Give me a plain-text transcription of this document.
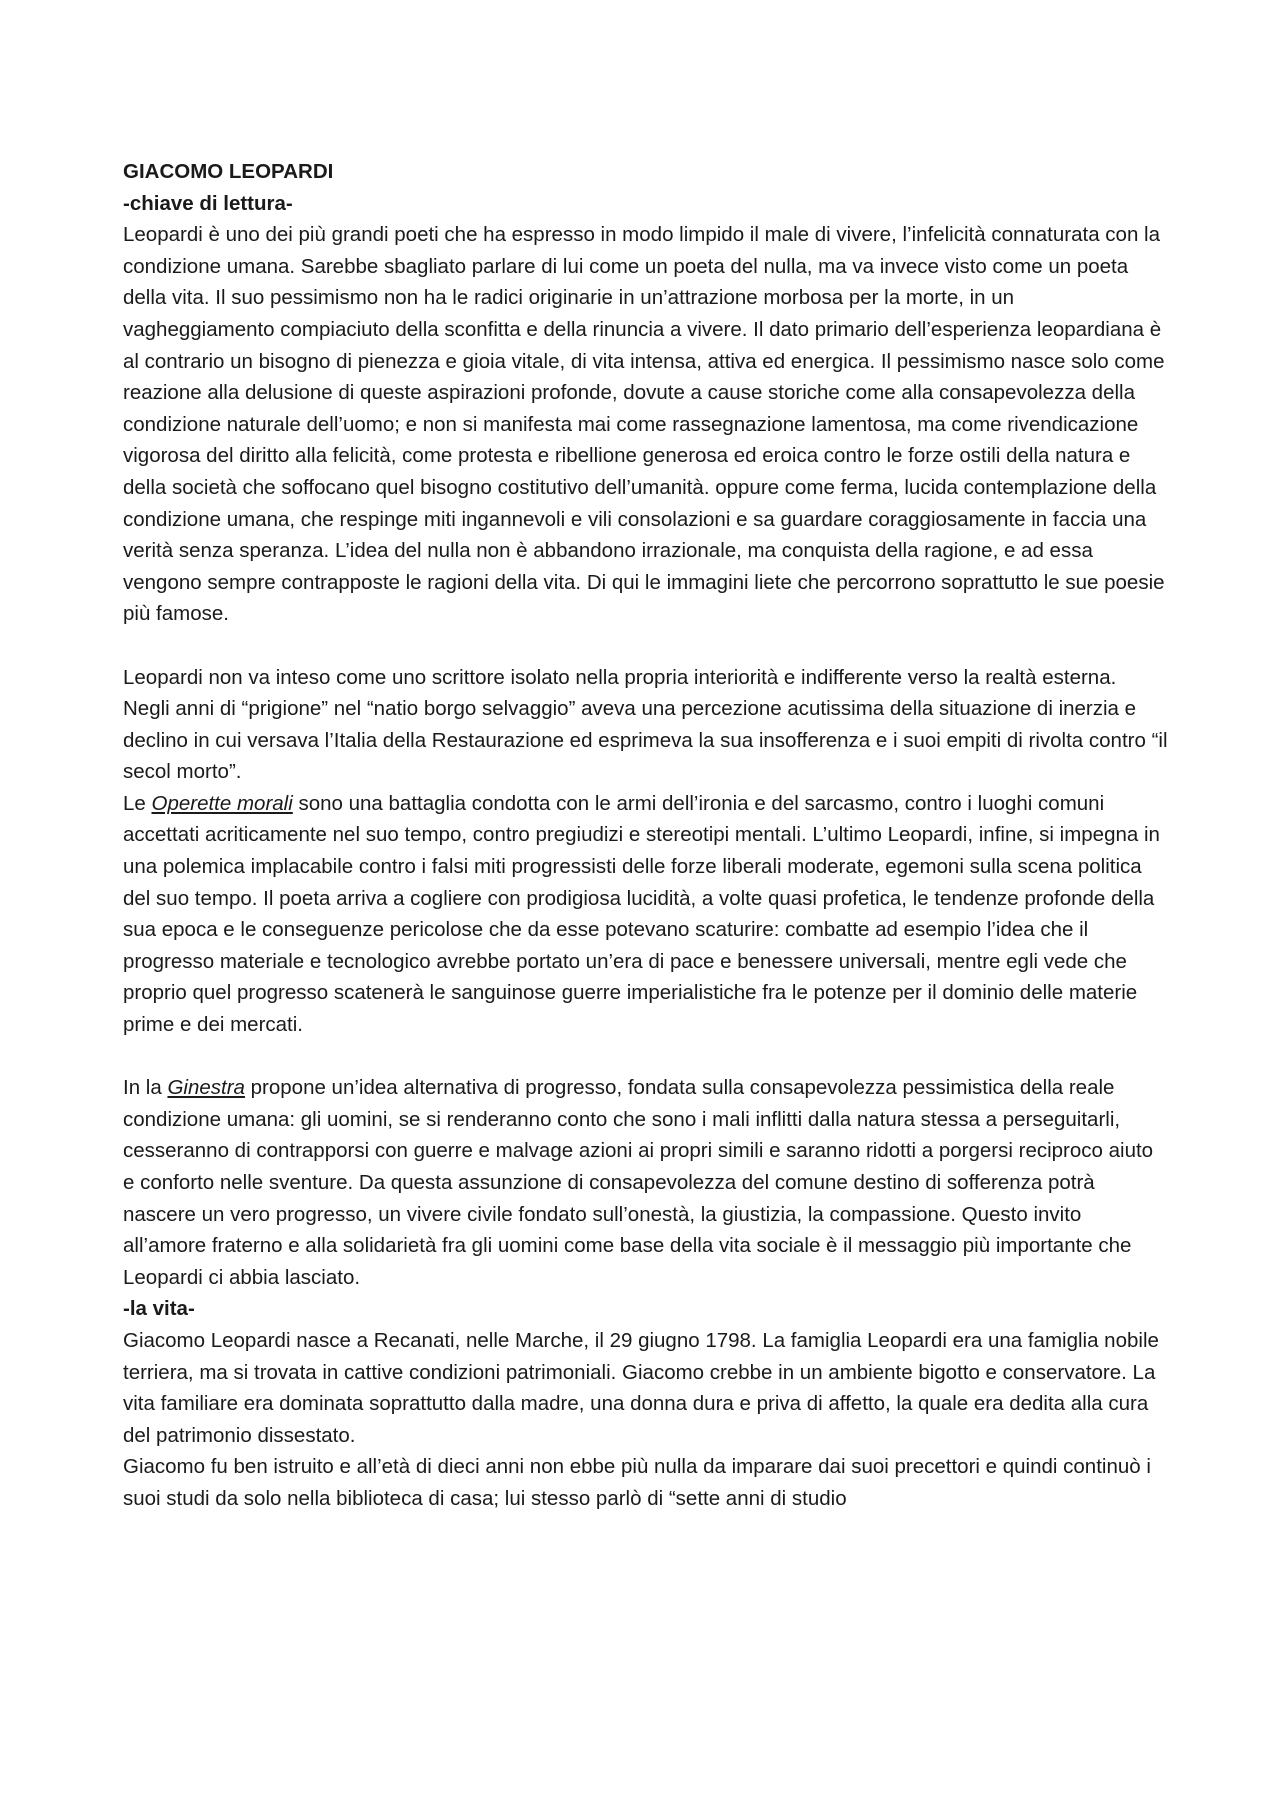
GIACOMO LEOPARDI

-chiave di lettura-

Leopardi è uno dei più grandi poeti che ha espresso in modo limpido il male di vivere, l’infelicità connaturata con la condizione umana. Sarebbe sbagliato parlare di lui come un poeta del nulla, ma va invece visto come un poeta della vita. Il suo pessimismo non ha le radici originarie in un’attrazione morbosa per la morte, in un vagheggiamento compiaciuto della sconfitta e della rinuncia a vivere. Il dato primario dell’esperienza leopardiana è al contrario un bisogno di pienezza e gioia vitale, di vita intensa, attiva ed energica. Il pessimismo nasce solo come reazione alla delusione di queste aspirazioni profonde, dovute a cause storiche come alla consapevolezza della condizione naturale dell’uomo; e non si manifesta mai come rassegnazione lamentosa, ma come rivendicazione vigorosa del diritto alla felicità, come protesta e ribellione generosa ed eroica contro le forze ostili della natura e della società che soffocano quel bisogno costitutivo dell’umanità. oppure come ferma, lucida contemplazione della condizione umana, che respinge miti ingannevoli e vili consolazioni e sa guardare coraggiosamente in faccia una verità senza speranza. L’idea del nulla non è abbandono irrazionale, ma conquista della ragione, e ad essa vengono sempre contrapposte le ragioni della vita. Di qui le immagini liete che percorrono soprattutto le sue poesie più famose.

Leopardi non va inteso come uno scrittore isolato nella propria interiorità e indifferente verso la realtà esterna. Negli anni di “prigione” nel “natio borgo selvaggio” aveva una percezione acutissima della situazione di inerzia e declino in cui versava l’Italia della Restaurazione ed esprimeva la sua insofferenza e i suoi empiti di rivolta contro “il secol morto”.

Le Operette morali sono una battaglia condotta con le armi dell’ironia e del sarcasmo, contro i luoghi comuni accettati acriticamente nel suo tempo, contro pregiudizi e stereotipi mentali. L’ultimo Leopardi, infine, si impegna in una polemica implacabile contro i falsi miti progressisti delle forze liberali moderate, egemoni sulla scena politica del suo tempo. Il poeta arriva a cogliere con prodigiosa lucidità, a volte quasi profetica, le tendenze profonde della sua epoca e le conseguenze pericolose che da esse potevano scaturire: combatte ad esempio l’idea che il progresso materiale e tecnologico avrebbe portato un’era di pace e benessere universali, mentre egli vede che proprio quel progresso scatenerà le sanguinose guerre imperialistiche fra le potenze per il dominio delle materie prime e dei mercati.

In la Ginestra propone un’idea alternativa di progresso, fondata sulla consapevolezza pessimistica della reale condizione umana: gli uomini, se si renderanno conto che sono i mali inflitti dalla natura stessa a perseguitarli, cesseranno di contrapporsi con guerre e malvage azioni ai propri simili e saranno ridotti a porgersi reciproco aiuto e conforto nelle sventure. Da questa assunzione di consapevolezza del comune destino di sofferenza potrà nascere un vero progresso, un vivere civile fondato sull’onestà, la giustizia, la compassione. Questo invito all’amore fraterno e alla solidarietà fra gli uomini come base della vita sociale è il messaggio più importante che Leopardi ci abbia lasciato.

-la vita-

Giacomo Leopardi nasce a Recanati, nelle Marche, il 29 giugno 1798. La famiglia Leopardi era una famiglia nobile terriera, ma si trovata in cattive condizioni patrimoniali. Giacomo crebbe in un ambiente bigotto e conservatore. La vita familiare era dominata soprattutto dalla madre, una donna dura e priva di affetto, la quale era dedita alla cura del patrimonio dissestato.

Giacomo fu ben istruito e all’età di dieci anni non ebbe più nulla da imparare dai suoi precettori e quindi continuò i suoi studi da solo nella biblioteca di casa; lui stesso parlò di “sette anni di studio
